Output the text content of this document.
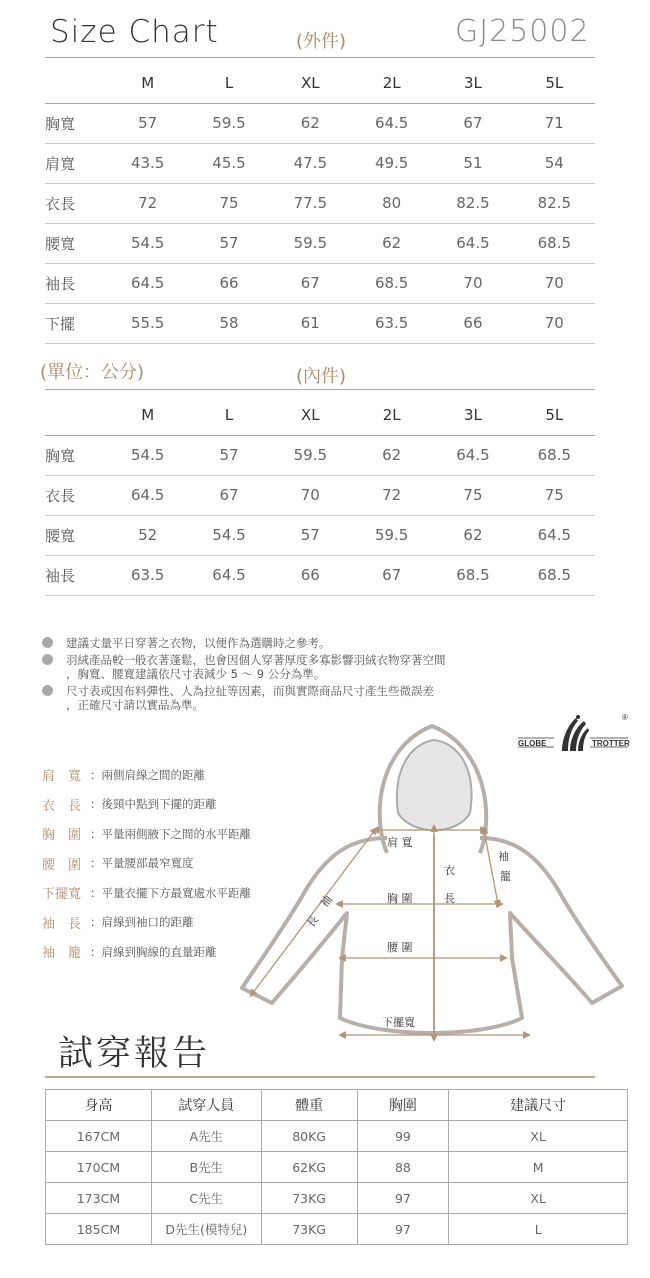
Size Chart	(外件)	GJ25002
	M	L	XL	2L	3L	5L
胸寬	57	59.5	62	64.5	67	71
肩寬	43.5	45.5	47.5	49.5	51	54
衣長	72	75	77.5	80	82.5	82.5
腰寬	54.5	57	59.5	62	64.5	68.5
袖長	64.5	66	67	68.5	70	70
下擺	55.5	58	61	63.5	66	70
(單位：公分)	(內件)
	M	L	XL	2L	3L	5L
胸寬	54.5	57	59.5	62	64.5	68.5
衣長	64.5	67	70	72	75	75
腰寬	52	54.5	57	59.5	62	64.5
袖長	63.5	64.5	66	67	68.5	68.5
建議丈量平日穿著之衣物，以便作為選購時之參考。
羽絨產品較一般衣著蓬鬆，也會因個人穿著厚度多寡影響羽絨衣物穿著空間
，胸寬、腰寬建議依尺寸表減少 5 ～ 9 公分為準。
尺寸表或因布料彈性、人為拉扯等因素，而與實際商品尺寸產生些微誤差
，正確尺寸請以實品為準。
GLOBE	TROTTER
®
肩　寬 ： 兩側肩線之間的距離
衣　長 ： 後頸中點到下擺的距離
胸　圍 ： 平量兩側腋下之間的水平距離
腰　圍 ： 平量腰部最窄寬度
下擺寬 ： 平量衣擺下方最寬處水平距離
袖　長 ： 肩線到袖口的距離
袖　籠 ： 肩線到胸線的直量距離
肩 寬
胸 圍
腰 圍
下擺寬
衣
長
袖
長
袖
籠
試穿報告
身高	試穿人員	體重	胸圍	建議尺寸
167CM	A先生	80KG	99	XL
170CM	B先生	62KG	88	M
173CM	C先生	73KG	97	XL
185CM	D先生(模特兒)	73KG	97	L
